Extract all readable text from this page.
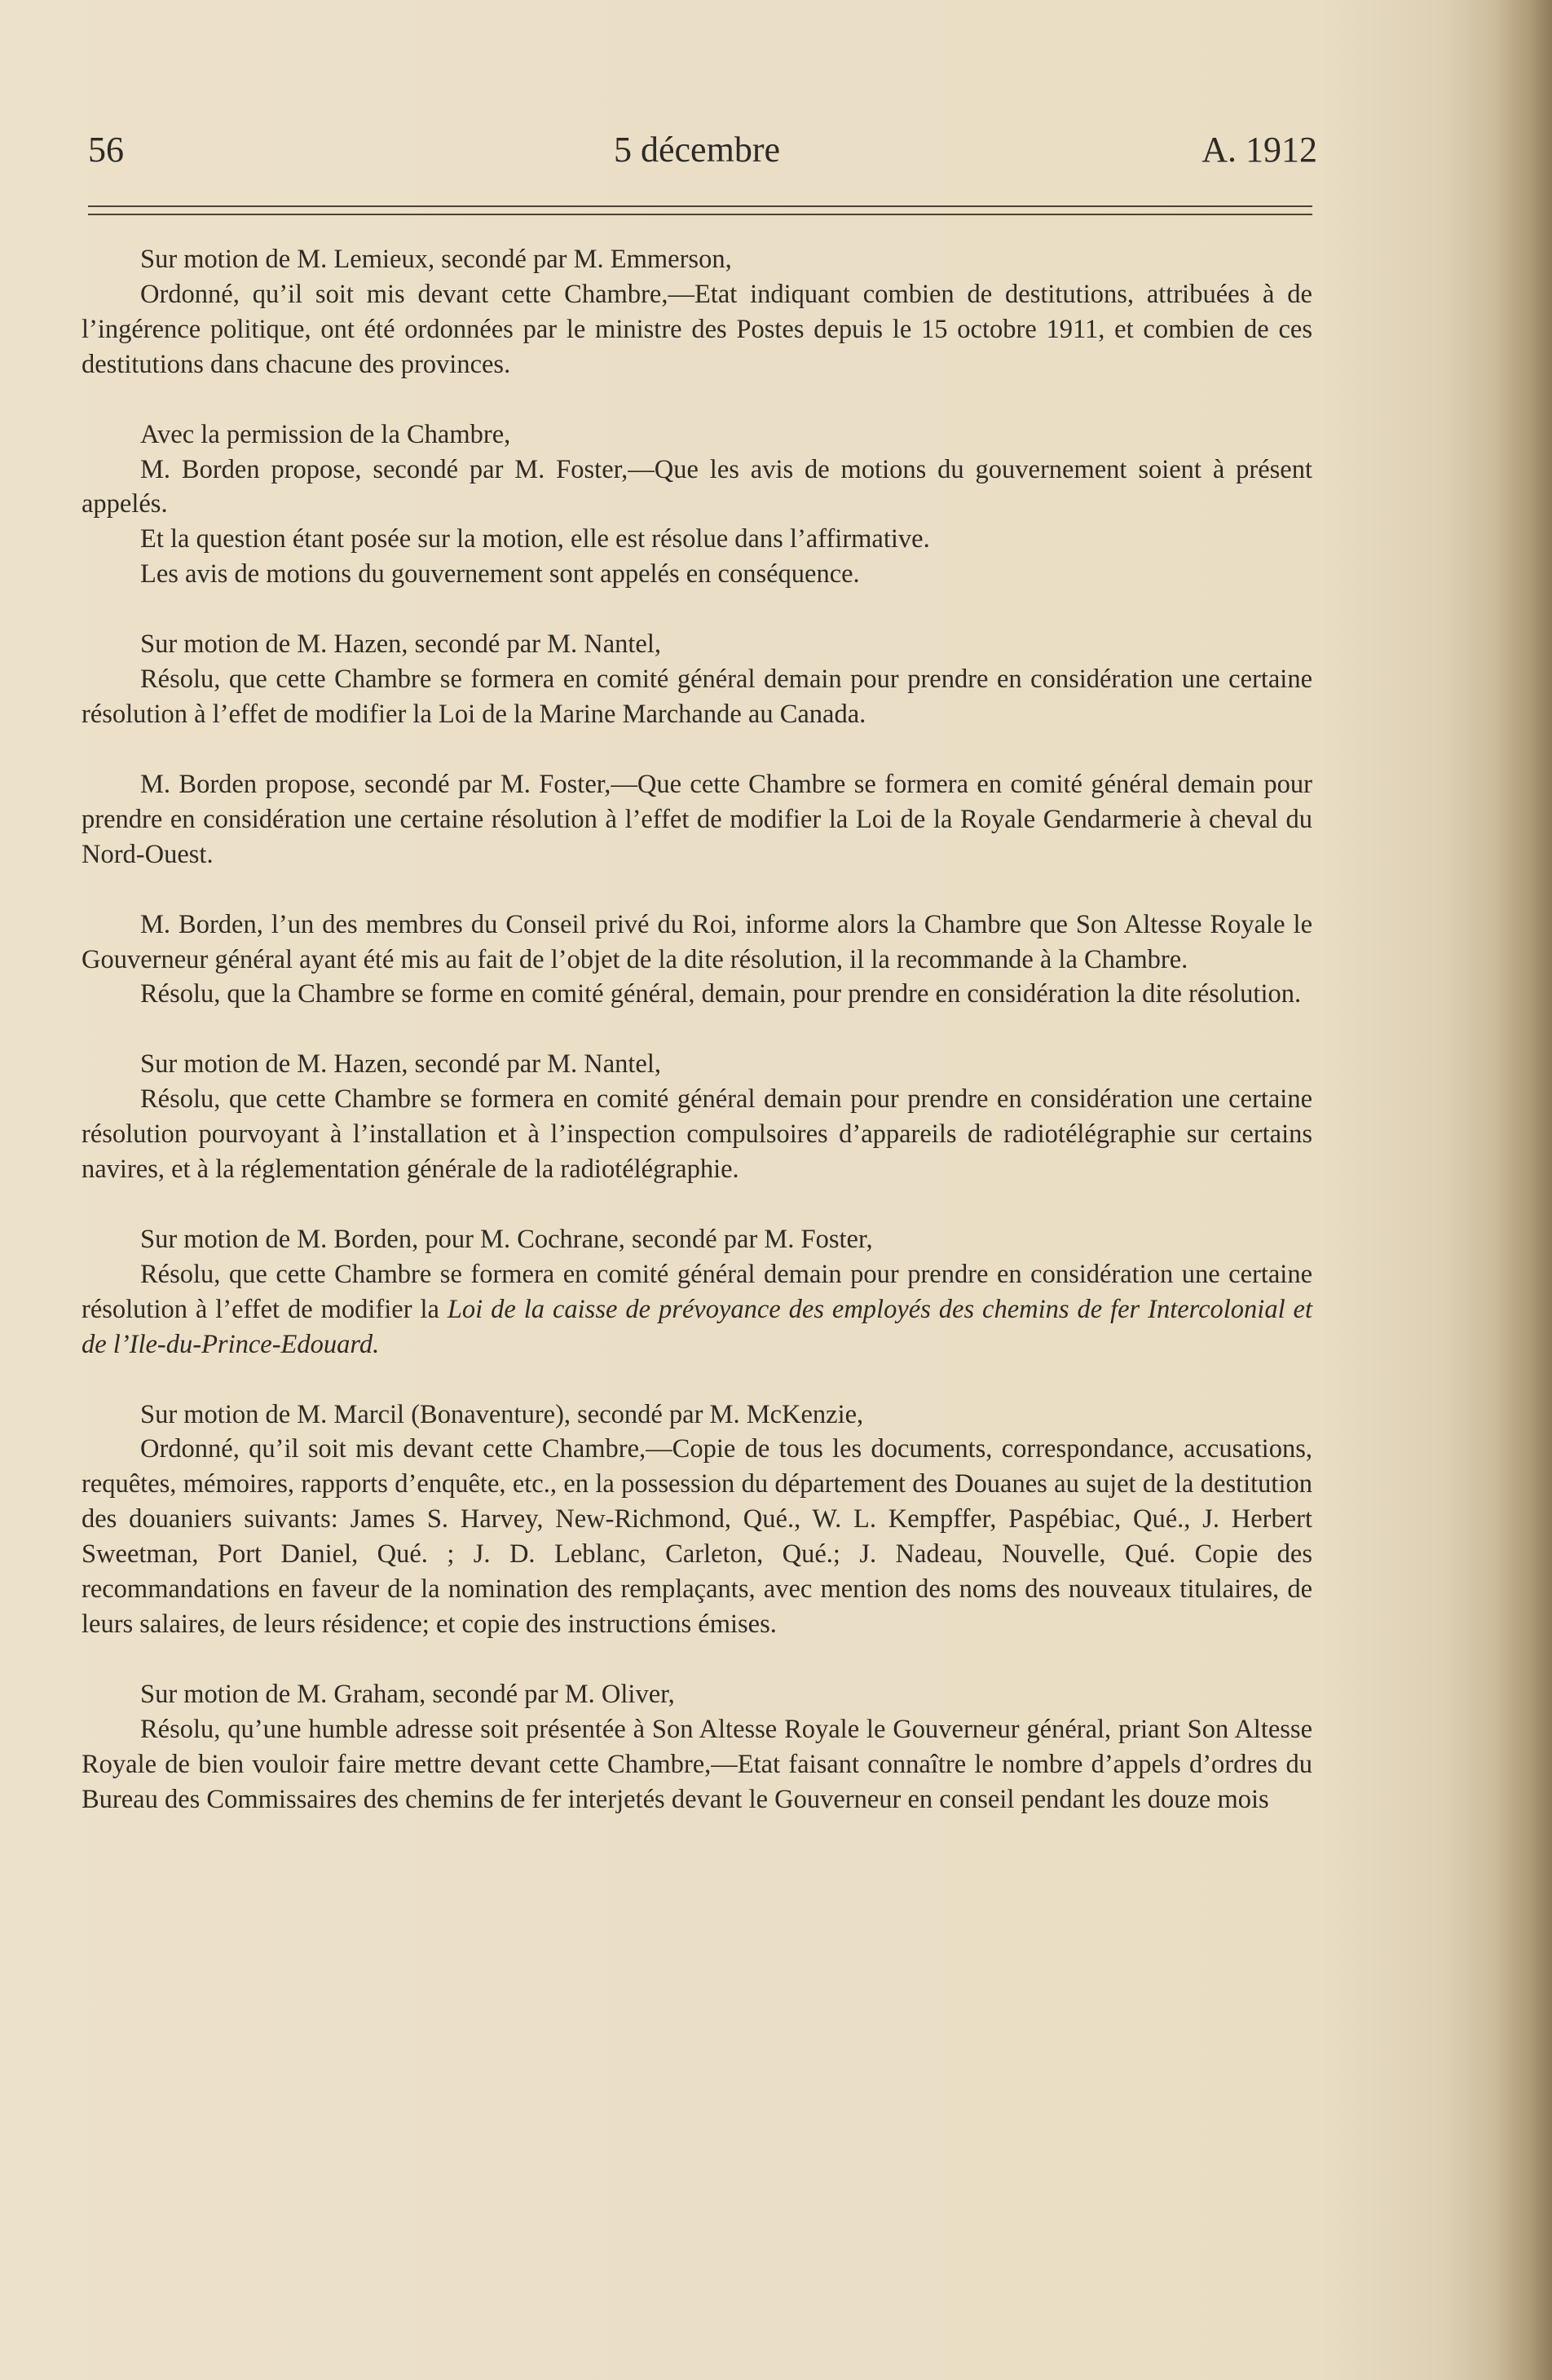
56	5 décembre	A. 1912

Sur motion de M. Lemieux, secondé par M. Emmerson,

Ordonné, qu’il soit mis devant cette Chambre,—Etat indiquant combien de destitutions, attribuées à de l’ingérence politique, ont été ordonnées par le ministre des Postes depuis le 15 octobre 1911, et combien de ces destitutions dans chacune des provinces.

Avec la permission de la Chambre,

M. Borden propose, secondé par M. Foster,—Que les avis de motions du gouvernement soient à présent appelés.

Et la question étant posée sur la motion, elle est résolue dans l’affirmative.

Les avis de motions du gouvernement sont appelés en conséquence.

Sur motion de M. Hazen, secondé par M. Nantel,

Résolu, que cette Chambre se formera en comité général demain pour prendre en considération une certaine résolution à l’effet de modifier la Loi de la Marine Marchande au Canada.

M. Borden propose, secondé par M. Foster,—Que cette Chambre se formera en comité général demain pour prendre en considération une certaine résolution à l’effet de modifier la Loi de la Royale Gendarmerie à cheval du Nord-Ouest.

M. Borden, l’un des membres du Conseil privé du Roi, informe alors la Chambre que Son Altesse Royale le Gouverneur général ayant été mis au fait de l’objet de la dite résolution, il la recommande à la Chambre.

Résolu, que la Chambre se forme en comité général, demain, pour prendre en considération la dite résolution.

Sur motion de M. Hazen, secondé par M. Nantel,

Résolu, que cette Chambre se formera en comité général demain pour prendre en considération une certaine résolution pourvoyant à l’installation et à l’inspection compulsoires d’appareils de radiotélégraphie sur certains navires, et à la réglementation générale de la radiotélégraphie.

Sur motion de M. Borden, pour M. Cochrane, secondé par M. Foster,

Résolu, que cette Chambre se formera en comité général demain pour prendre en considération une certaine résolution à l’effet de modifier la Loi de la caisse de prévoyance des employés des chemins de fer Intercolonial et de l’Ile-du-Prince-Edouard.

Sur motion de M. Marcil (Bonaventure), secondé par M. McKenzie,

Ordonné, qu’il soit mis devant cette Chambre,—Copie de tous les documents, correspondance, accusations, requêtes, mémoires, rapports d’enquête, etc., en la possession du département des Douanes au sujet de la destitution des douaniers suivants: James S. Harvey, New-Richmond, Qué., W. L. Kempffer, Paspébiac, Qué., J. Herbert Sweetman, Port Daniel, Qué. ; J. D. Leblanc, Carleton, Qué.; J. Nadeau, Nouvelle, Qué. Copie des recommandations en faveur de la nomination des remplaçants, avec mention des noms des nouveaux titulaires, de leurs salaires, de leurs résidence; et copie des instructions émises.

Sur motion de M. Graham, secondé par M. Oliver,

Résolu, qu’une humble adresse soit présentée à Son Altesse Royale le Gouverneur général, priant Son Altesse Royale de bien vouloir faire mettre devant cette Chambre,—Etat faisant connaître le nombre d’appels d’ordres du Bureau des Commissaires des chemins de fer interjetés devant le Gouverneur en conseil pendant les douze mois
